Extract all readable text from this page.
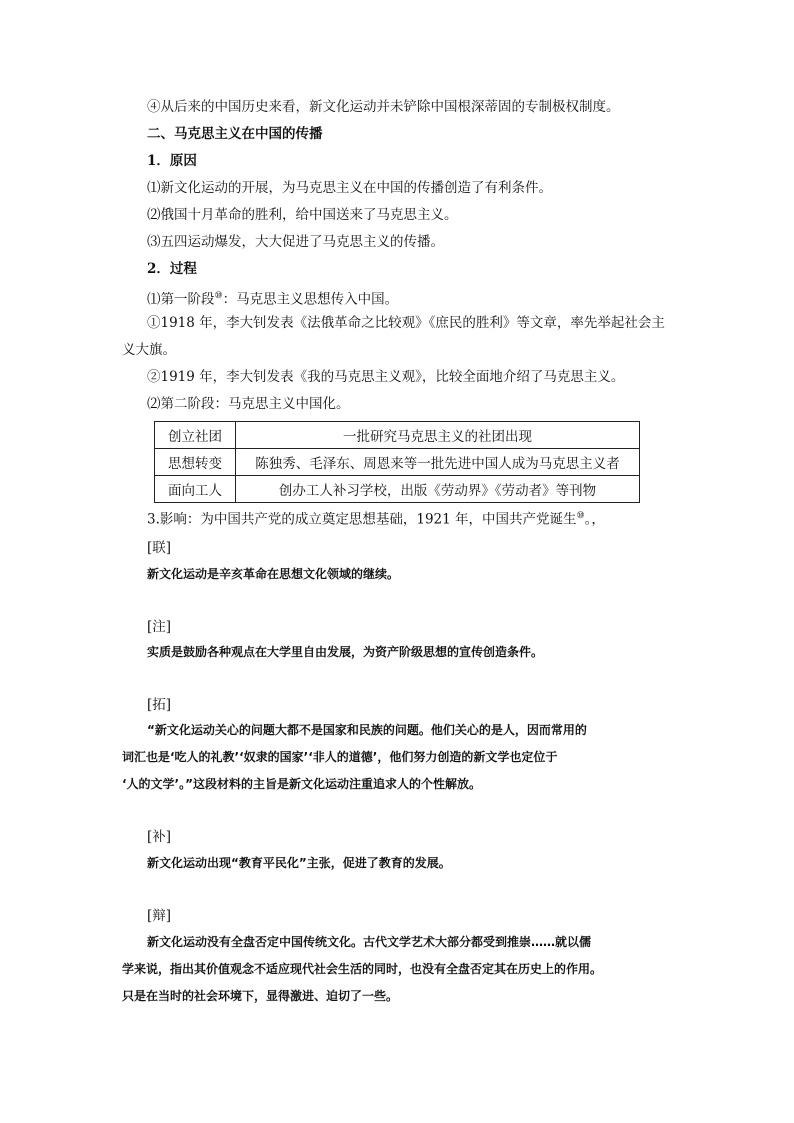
④从后来的中国历史来看，新文化运动并未铲除中国根深蒂固的专制极权制度。
二、马克思主义在中国的传播
1．原因
⑴新文化运动的开展，为马克思主义在中国的传播创造了有利条件。
⑵俄国十月革命的胜利，给中国送来了马克思主义。
⑶五四运动爆发，大大促进了马克思主义的传播。
2．过程
⑴第一阶段⑩：马克思主义思想传入中国。
①1918 年，李大钊发表《法俄革命之比较观》《庶民的胜利》等文章，率先举起社会主
义大旗。
②1919 年，李大钊发表《我的马克思主义观》，比较全面地介绍了马克思主义。
⑵第二阶段：马克思主义中国化。
创立社团	一批研究马克思主义的社团出现
思想转变	陈独秀、毛泽东、周恩来等一批先进中国人成为马克思主义者
面向工人	创办工人补习学校，出版《劳动界》《劳动者》等刊物
3.影响：为中国共产党的成立奠定思想基础，1921 年，中国共产党诞生⑩。，
[联]
新文化运动是辛亥革命在思想文化领域的继续。
[注]
实质是鼓励各种观点在大学里自由发展，为资产阶级思想的宣传创造条件。
[拓]
“新文化运动关心的问题大都不是国家和民族的问题。他们关心的是人，因而常用的
词汇也是‘吃人的礼教’‘奴隶的国家’‘非人的道德’，他们努力创造的新文学也定位于
‘人的文学’。”这段材料的主旨是新文化运动注重追求人的个性解放。
[补]
新文化运动出现“教育平民化”主张，促进了教育的发展。
[辩]
新文化运动没有全盘否定中国传统文化。古代文学艺术大部分都受到推崇……就以儒
学来说，指出其价值观念不适应现代社会生活的同时，也没有全盘否定其在历史上的作用。
只是在当时的社会环境下，显得激进、迫切了一些。
